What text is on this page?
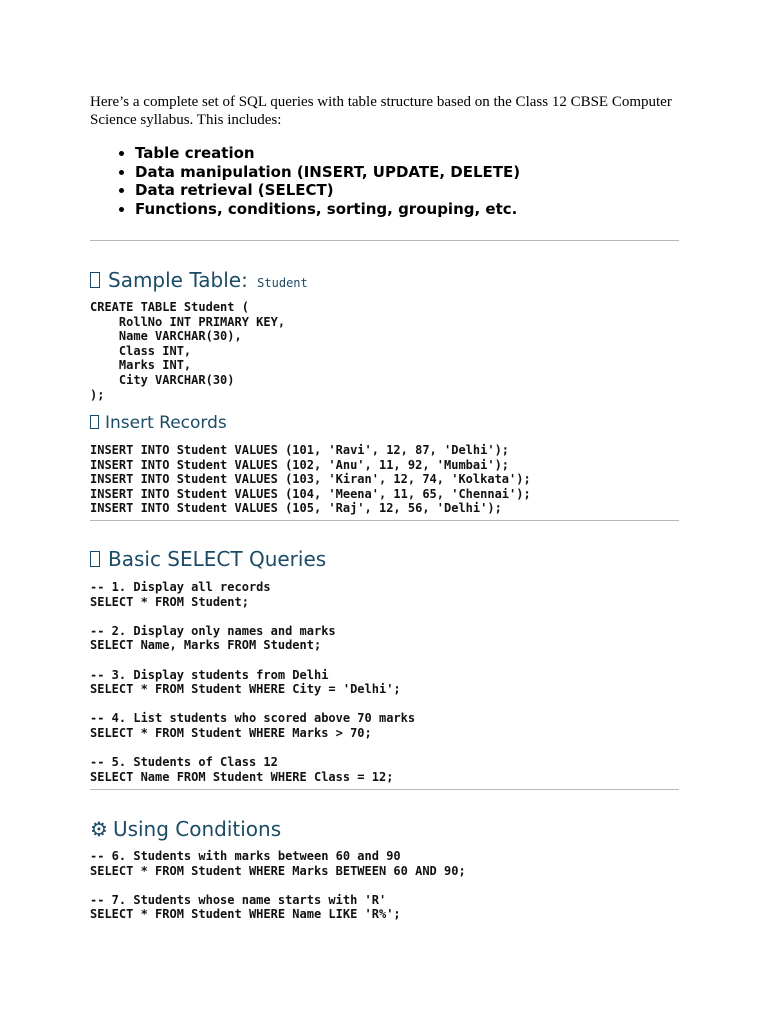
Here’s a complete set of SQL queries with table structure based on the Class 12 CBSE Computer Science syllabus. This includes:

• Table creation
• Data manipulation (INSERT, UPDATE, DELETE)
• Data retrieval (SELECT)
• Functions, conditions, sorting, grouping, etc.
Sample Table: Student
CREATE TABLE Student (
RollNo INT PRIMARY KEY,
Name VARCHAR(30),
Class INT,
Marks INT,
City VARCHAR(30)
);
Insert Records
INSERT INTO Student VALUES (101, 'Ravi', 12, 87, 'Delhi');
INSERT INTO Student VALUES (102, 'Anu', 11, 92, 'Mumbai');
INSERT INTO Student VALUES (103, 'Kiran', 12, 74, 'Kolkata');
INSERT INTO Student VALUES (104, 'Meena', 11, 65, 'Chennai');
INSERT INTO Student VALUES (105, 'Raj', 12, 56, 'Delhi');
Basic SELECT Queries
-- 1. Display all records
SELECT * FROM Student;

-- 2. Display only names and marks
SELECT Name, Marks FROM Student;

-- 3. Display students from Delhi
SELECT * FROM Student WHERE City = 'Delhi';

-- 4. List students who scored above 70 marks
SELECT * FROM Student WHERE Marks > 70;

-- 5. Students of Class 12
SELECT Name FROM Student WHERE Class = 12;
⚙ Using Conditions
-- 6. Students with marks between 60 and 90
SELECT * FROM Student WHERE Marks BETWEEN 60 AND 90;

-- 7. Students whose name starts with 'R'
SELECT * FROM Student WHERE Name LIKE 'R%';
